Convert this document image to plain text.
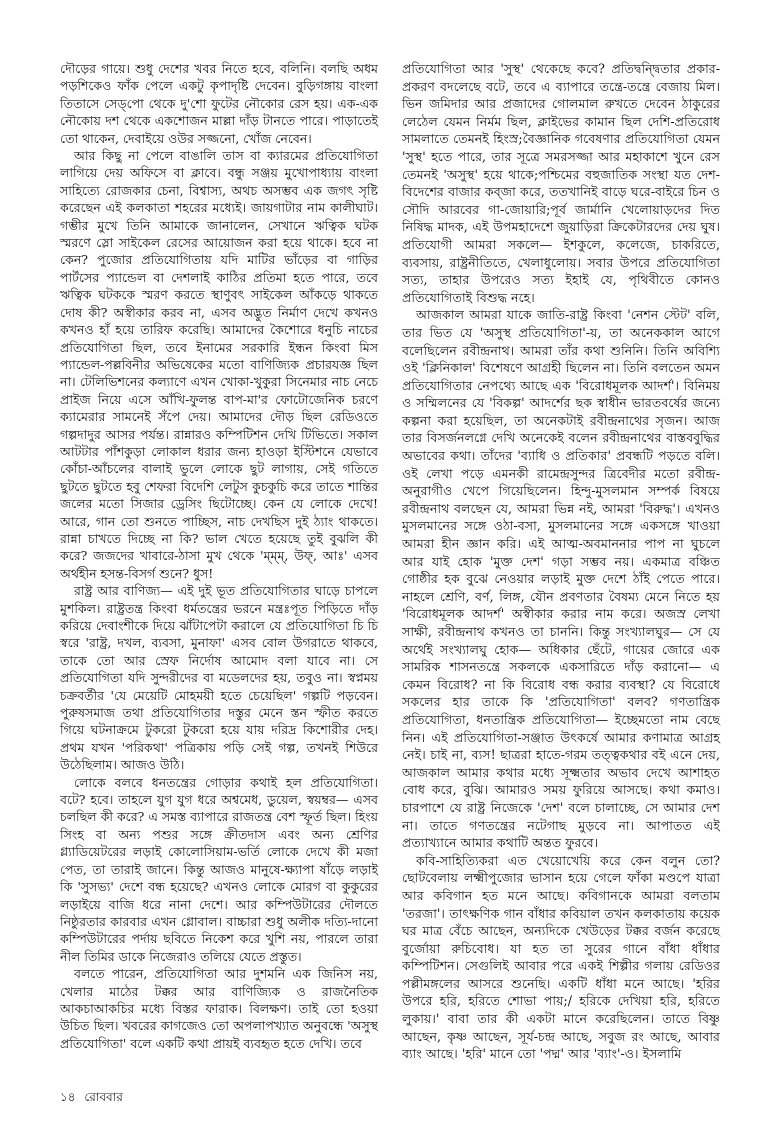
দৌড়ের গায়ে। শুধু দেশের খবর নিতে হবে, বলিনি। বলছি অধম পড়শিকেও ফাঁক পেলে একটু কৃপাদৃষ্টি দেবেন। বুড়িগঙ্গায় বাংলা তিতাসে সেড্‌পো থেকে দু'শো ফুটের নৌকোর রেস হয়। এক-এক নৌকোয় দশ থেকে একশোজন মাল্লা দাঁড় টানতে পারে। পাড়াতেই তো থাকেন, দেবাইয়ে ওউর সজ্জনো, খোঁজ নেবেন।

আর কিছু না পেলে বাঙালি তাস বা ক্যারমের প্রতিযোগিতা লাগিয়ে দেয় অফিসে বা ক্লাবে। বন্ধু সঞ্জয় মুখোপাধ্যায় বাংলা সাহিত্যে রোজকার চেনা, বিশ্বাস্য, অথচ অসম্ভব এক জগৎ সৃষ্টি করেছেন এই কলকাতা শহরের মধ্যেই। জায়গাটার নাম কালীঘাট। গম্ভীর মুখে তিনি আমাকে জানালেন, সেখানে ঋত্বিক ঘটক স্মরণে স্লো সাইকেল রেসের আয়োজন করা হয়ে থাকে। হবে না কেন? পুজোর প্রতিযোগিতায় যদি মাটির ভাঁড়ের বা গাড়ির পার্টসের প্যান্ডেল বা দেশলাই কাঠির প্রতিমা হতে পারে, তবে ঋত্বিক ঘটককে স্মরণ করতে স্থাণুবৎ সাইকেল আঁকড়ে থাকতে দোষ কী? অস্বীকার করব না, এসব অদ্ভুত নির্মাণ দেখে কখনও কখনও হাঁ হয়ে তারিফ করেছি। আমাদের কৈশোরে ধনুচি নাচের প্রতিযোগিতা ছিল, তবে ইনামের সরকারি ইন্ধন কিংবা মিস প্যান্ডেল-পল্লবিনীর অভিষেকের মতো বাণিজ্যিক প্রচারযজ্ঞ ছিল না। টেলিভিশনের কল্যাণে এখন খোকা-খুকুরা সিনেমার নাচ নেচে প্রাইজ নিয়ে এসে আঁখি-ফুলন্ত বাপ-মা'র ফোটোজেনিক চরণে ক্যামেরার সামনেই সঁপে দেয়। আমাদের দৌড় ছিল রেডিওতে গল্পদাদুর আসর পর্যন্ত। রান্নারও কম্পিটিশন দেখি টিভিতে। সকাল আটটার পাঁশকুড়া লোকাল ধরার জন্য হাওড়া ইস্টিশনে যেভাবে কোঁচা-আঁচলের বালাই ভুলে লোকে ছুট লাগায়, সেই গতিতে ছুটতে ছুটতে হবু শেফরা বিদেশি লেটুস কুচকুচি করে তাতে শান্তির জলের মতো সিজার ড্রেসিং ছিটোচ্ছে। কেন যে লোকে দেখে! আরে, গান তো শুনতে পাচ্ছিস, নাচ দেখছিস দুই ঠ্যাং থাকতে। রান্না চাখতে দিচ্ছে না কি? ভাল খেতে হয়েছে তুই বুঝলি কী করে? জজদের খাবারে-ঠাসা মুখ থেকে 'ম্‌ম্‌ম্‌, উফ্, আঃ' এসব অর্থহীন হসন্ত-বিসর্গ শুনে? ধুস!

রাষ্ট্র আর বাণিজ্য— এই দুই ভূত প্রতিযোগিতার ঘাড়ে চাপলে মুশকিল। রাষ্ট্রতন্ত্র কিংবা ধর্মতন্ত্রের ভরনে মন্ত্রঃপূত পিড়িতে দাঁড় করিয়ে দেবাংশীকে দিয়ে ঝাঁটাপেটা করালে যে প্রতিযোগিতা চি চি স্বরে 'রাষ্ট্র, দখল, ব্যবসা, মুনাফা' এসব বোল উগরাতে থাকবে, তাকে তো আর স্রেফ নির্দোষ আমোদ বলা যাবে না। সে প্রতিযোগিতা যদি সুন্দরীদের বা মডেলদের হয়, তবুও না। স্বপ্নময় চক্রবর্তীর 'যে মেয়েটি মোহময়ী হতে চেয়েছিল' গল্পটি পড়বেন। পুরুষসমাজ তথা প্রতিযোগিতার দস্তুর মেনে স্তন স্ফীত করতে গিয়ে ঘটনাক্রমে টুকরো টুকরো হয়ে যায় দরিদ্র কিশোরীর দেহ। প্রথম যখন 'পরিকথা' পত্রিকায় পড়ি সেই গল্প, তখনই শিউরে উঠেছিলাম। আজও উঠি।

লোকে বলবে ধনতন্ত্রের গোড়ার কথাই হল প্রতিযোগিতা। বটে? হবে। তাহলে যুগ যুগ ধরে অশ্বমেধ, ডুয়েল, স্বয়ম্বর— এসব চলছিল কী করে? এ সমস্ত ব্যাপারে রাজতন্ত্র বেশ স্ফূর্ত ছিল। হিংয় সিংহ বা অন্য পশুর সঙ্গে ক্রীতদাস এবং অন্য শ্রেণির গ্ল্যাডিয়েটরের লড়াই কোলোসিয়াম-ভর্তি লোকে দেখে কী মজা পেত, তা তারাই জানে। কিন্তু আজও মানুষে-ক্ষ্যাপা ষাঁড়ে লড়াই কি 'সুসভ্য' দেশে বন্ধ হয়েছে? এখনও লোকে মোরগ বা কুকুরের লড়াইয়ে বাজি ধরে নানা দেশে। আর কম্পিউটারের দৌলতে নিষ্ঠুরতার কারবার এখন গ্লোবাল। বাচ্চারা শুধু অলীক দত্যি-দানো কম্পিউটারের পর্দায় ছবিতে নিকেশ করে খুশি নয়, পারলে তারা নীল তিমির ডাকে নিজেরাও তলিয়ে যেতে প্রস্তুত।

বলতে পারেন, প্রতিযোগিতা আর দুশমনি এক জিনিস নয়, খেলার মাঠের টক্কর আর বাণিজ্যিক ও রাজনৈতিক আকচাআকচির মধ্যে বিস্তর ফারাক। বিলক্ষণ। তাই তো হওয়া উচিত ছিল। খবরের কাগজেও তো অপলাপখ্যাত অনুবন্ধে 'অসুস্থ প্রতিযোগিতা' বলে একটি কথা প্রায়ই ব্যবহৃত হতে দেখি। তবে

প্রতিযোগিতা আর 'সুস্থ' থেকেছে কবে? প্রতিদ্বন্দ্বিতার প্রকার-প্রকরণ বদলেছে বটে, তবে এ ব্যাপারে তন্ত্রে-তন্ত্রে বেজায় মিল। ভিন জমিদার আর প্রজাদের গোলমাল রুখতে দেবেন ঠাকুরের লেঠেল যেমন নির্মম ছিল, ক্লাইভের কামান ছিল দেশি-প্রতিরোধ সামলাতে তেমনই হিংস্র;বৈজ্ঞানিক গবেষণার প্রতিযোগিতা যেমন 'সুস্থ' হতে পারে, তার সূত্রে সমরসজ্জা আর মহাকাশে খুনে রেস তেমনই 'অসুস্থ' হয়ে থাকে;পশ্চিমের বহুজাতিক সংস্থা যত দেশ-বিদেশের বাজার কব্‌জা করে, ততখানিই বাড়ে ঘরে-বাইরে চিন ও সৌদি আরবের গা-জোয়ারি;পূর্ব জার্মানি খেলোয়াড়দের দিত নিষিদ্ধ মাদক, এই উপমহাদেশে জুয়াড়িরা ক্রিকেটারদের দেয় ঘুষ। প্রতিযোগী আমরা সকলে— ইশকুলে, কলেজে, চাকরিতে, ব্যবসায়, রাষ্ট্রনীতিতে, খেলাধুলোয়। সবার উপরে প্রতিযোগিতা সত্য, তাহার উপরেও সত্য ইহাই যে, পৃথিবীতে কোনও প্রতিযোগিতাই বিশুদ্ধ নহে।

আজকাল আমরা যাকে জাতি-রাষ্ট্র কিংবা 'নেশন স্টেট' বলি, তার ভিত যে 'অসুস্থ প্রতিযোগিতা'-য়, তা অনেককাল আগে বলেছিলেন রবীন্দ্রনাথ। আমরা তাঁর কথা শুনিনি। তিনি অবিশ্যি ওই 'ক্লিনিকাল' বিশেষণে আগ্রহী ছিলেন না। তিনি বলতেন অমন প্রতিযোগিতার নেপথ্যে আছে এক 'বিরোধমূলক আদর্শ'। বিনিময় ও সম্মিলনের যে 'বিকল্প' আদর্শের ছক স্বাধীন ভারতবর্ষের জন্যে কল্পনা করা হয়েছিল, তা অনেকটাই রবীন্দ্রনাথের সৃজন। আজ তার বিসর্জনলগ্নে দেখি অনেকেই বলেন রবীন্দ্রনাথের বাস্তববুদ্ধির অভাবের কথা। তাঁদের 'ব্যাধি ও প্রতিকার' প্রবন্ধটি পড়তে বলি। ওই লেখা পড়ে এমনকী রামেন্দ্রসুন্দর ত্রিবেদীর মতো রবীন্দ্র-অনুরাগীও খেপে গিয়েছিলেন। হিন্দু-মুসলমান সম্পর্ক বিষয়ে রবীন্দ্রনাথ বলছেন যে, আমরা ভিন্ন নই, আমরা 'বিরুদ্ধ'। এখনও মুসলমানের সঙ্গে ওঠা-বসা, মুসলমানের সঙ্গে একসঙ্গে খাওয়া আমরা হীন জ্ঞান করি। এই আত্ম-অবমাননার পাপ না ঘুচলে আর যাই হোক 'মুক্ত দেশ' গড়া সম্ভব নয়। একমাত্র বঞ্চিত গোষ্ঠীর হক বুঝে নেওয়ার লড়াই মুক্ত দেশে ঠাঁই পেতে পারে। নাহলে শ্রেণি, বর্ণ, লিঙ্গ, যৌন প্রবণতার বৈষম্য মেনে নিতে হয় 'বিরোধমূলক আদর্শ' অস্বীকার করার নাম করে। অজস্র লেখা সাক্ষী, রবীন্দ্রনাথ কখনও তা চাননি। কিন্তু সংখ্যালঘুর— সে যে অর্থেই সংখ্যালঘু হোক— অধিকার ছেঁটে, গায়ের জোরে এক সামরিক শাসনতন্ত্রে সকলকে একসারিতে দাঁড় করানো— এ কেমন বিরোধ? না কি বিরোধ বন্ধ করার ব্যবস্থা? যে বিরোধে সকলের হার তাকে কি 'প্রতিযোগিতা' বলব? গণতান্ত্রিক প্রতিযোগিতা, ধনতান্ত্রিক প্রতিযোগিতা— ইচ্ছেমতো নাম বেছে নিন। এই প্রতিযোগিতা-সঞ্জাত উৎকর্ষে আমার কণামাত্র আগ্রহ নেই। চাই না, ব্যস! ছাত্ররা হাতে-গরম তত্ত্বকথার বই এনে দেয়, আজকাল আমার কথার মধ্যে সূক্ষ্মতার অভাব দেখে আশাহত বোধ করে, বুঝি। আমারও সময় ফুরিয়ে আসছে। কথা কমাও। চারপাশে যে রাষ্ট্র নিজেকে 'দেশ' বলে চালাচ্ছে, সে আমার দেশ না। তাতে গণতন্ত্রের নটেগাছ মুড়বে না। আপাতত এই প্রত্যাখ্যানে আমার কথাটি অন্তত ফুরবে।

কবি-সাহিত্যিকরা এত খেয়োখেয়ি করে কেন বলুন তো? ছোটবেলায় লক্ষ্মীপুজোর ভাসান হয়ে গেলে ফাঁকা মণ্ডপে যাত্রা আর কবিগান হত মনে আছে। কবিগানকে আমরা বলতাম 'তরজা'। তাৎক্ষণিক গান বাঁধার কবিয়াল তখন কলকাতায় কয়েক ঘর মাত্র বেঁচে আছেন, অন্যদিকে খেউড়ের টক্কর বর্জন করেছে বুর্জোয়া রুচিবোধ। যা হত তা সুরের গানে বাঁধা ধাঁধার কম্পিটিশন। সেগুলিই আবার পরে একই শিল্পীর গলায় রেডিওর পল্লীমঙ্গলের আসরে শুনেছি। একটি ধাঁধা মনে আছে। 'হরির উপরে হরি, হরিতে শোভা পায়;/ হরিকে দেখিয়া হরি, হরিতে লুকায়।' বাবা তার কী একটা মানে করেছিলেন। তাতে বিষ্ণু আছেন, কৃষ্ণ আছেন, সূর্য-চন্দ্র আছে, সবুজ রং আছে, আবার ব্যাং আছে। 'হরি' মানে তো 'পদ্ম' আর 'ব্যাং'-ও। ইসলামি

১৪ রোববার
